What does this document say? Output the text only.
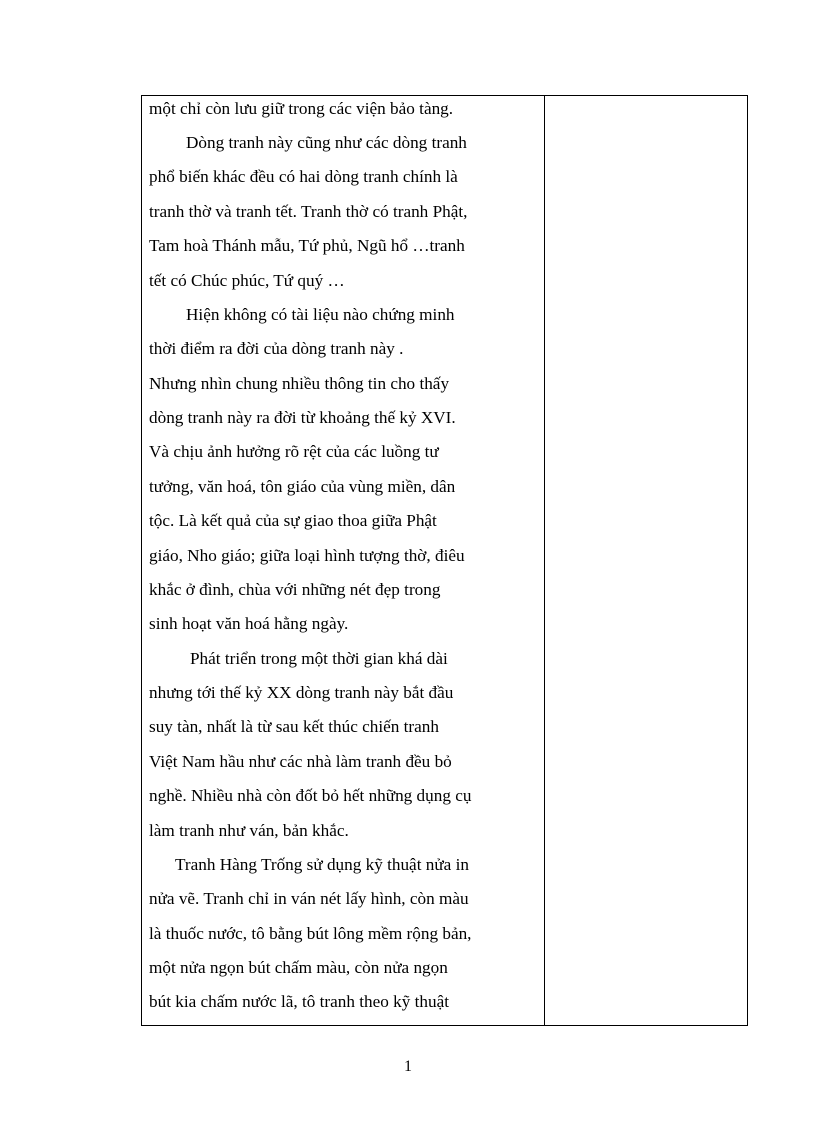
một chỉ còn lưu giữ trong các viện bảo tàng.
Dòng tranh này cũng như các dòng tranh
phổ biến khác đều có hai dòng tranh chính là
tranh thờ và tranh tết. Tranh thờ có tranh Phật,
Tam hoà Thánh mẫu, Tứ phủ, Ngũ hổ …tranh
tết có Chúc phúc, Tứ quý …
Hiện không có tài liệu nào chứng minh
thời điểm ra đời của dòng tranh này .
Nhưng nhìn chung nhiều thông tin cho thấy
dòng tranh này ra đời từ khoảng thế kỷ XVI.
Và chịu ảnh hưởng rõ rệt của các luồng tư
tưởng, văn hoá, tôn giáo của vùng miền, dân
tộc. Là kết quả của sự giao thoa giữa Phật
giáo, Nho giáo; giữa loại hình tượng thờ, điêu
khắc ở đình, chùa với những nét đẹp trong
sinh hoạt văn hoá hằng ngày.
Phát triển trong một thời gian khá dài
nhưng tới thế kỷ XX dòng tranh này bắt đầu
suy tàn, nhất là từ sau kết thúc chiến tranh
Việt Nam hầu như các nhà làm tranh đều bỏ
nghề. Nhiều nhà còn đốt bỏ hết những dụng cụ
làm tranh như ván, bản khắc.
Tranh Hàng Trống sử dụng kỹ thuật nửa in
nửa vẽ. Tranh chỉ in ván nét lấy hình, còn màu
là thuốc nước, tô bằng bút lông mềm rộng bản,
một nửa ngọn bút chấm màu, còn nửa ngọn
bút kia chấm nước lã, tô tranh theo kỹ thuật
1
